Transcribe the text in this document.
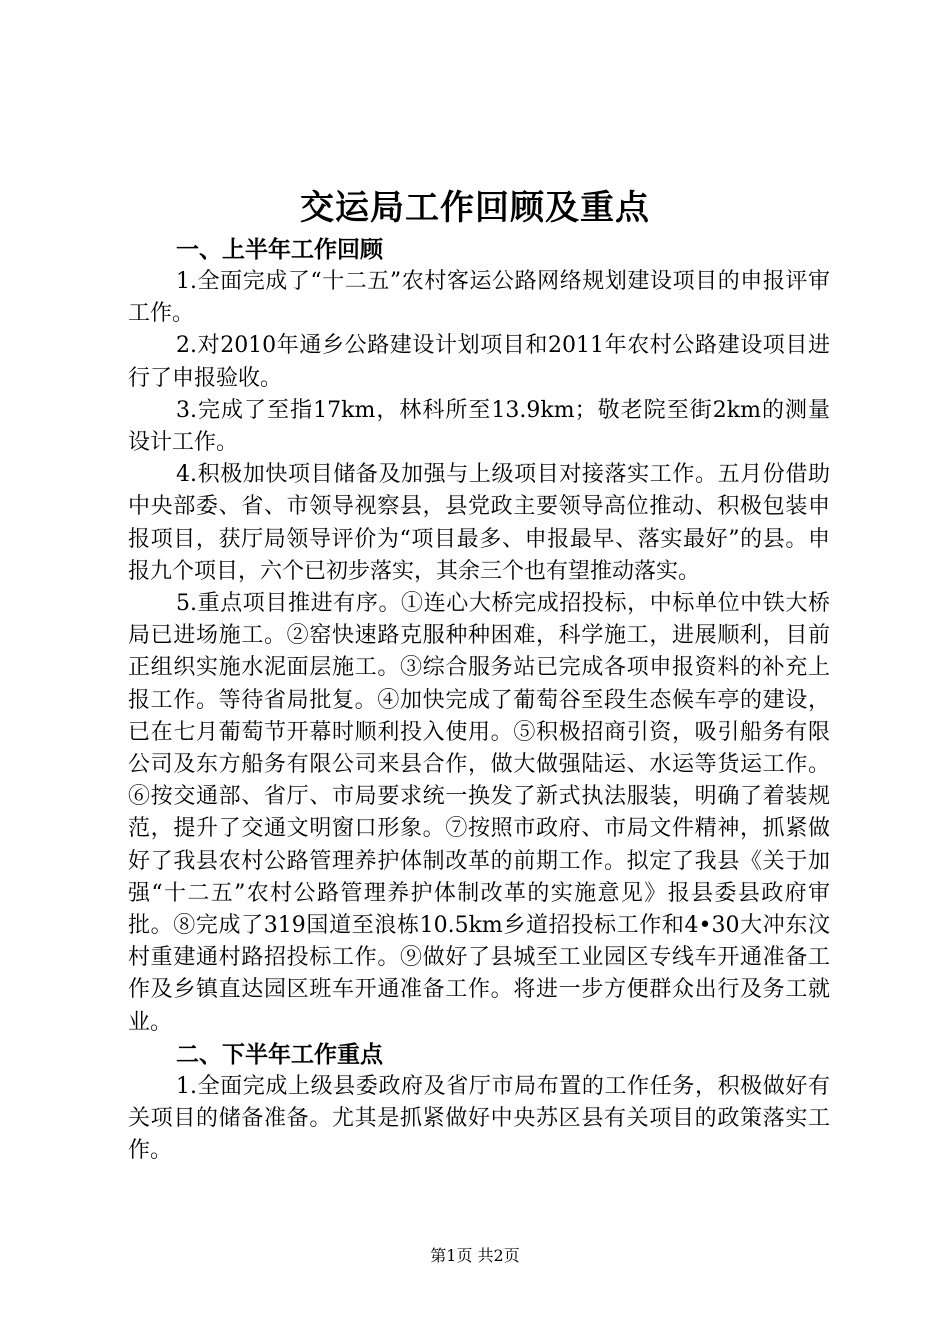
交运局工作回顾及重点
一、上半年工作回顾

1.全面完成了“十二五”农村客运公路网络规划建设项目的申报评审工作。

2.对2010年通乡公路建设计划项目和2011年农村公路建设项目进行了申报验收。

3.完成了至指17km，林科所至13.9km；敬老院至街2km的测量设计工作。

4.积极加快项目储备及加强与上级项目对接落实工作。五月份借助中央部委、省、市领导视察县，县党政主要领导高位推动、积极包装申报项目，获厅局领导评价为“项目最多、申报最早、落实最好”的县。申报九个项目，六个已初步落实，其余三个也有望推动落实。

5.重点项目推进有序。①连心大桥完成招投标，中标单位中铁大桥局已进场施工。②窑快速路克服种种困难，科学施工，进展顺利，目前正组织实施水泥面层施工。③综合服务站已完成各项申报资料的补充上报工作。等待省局批复。④加快完成了葡萄谷至段生态候车亭的建设，已在七月葡萄节开幕时顺利投入使用。⑤积极招商引资，吸引船务有限公司及东方船务有限公司来县合作，做大做强陆运、水运等货运工作。⑥按交通部、省厅、市局要求统一换发了新式执法服装，明确了着装规范，提升了交通文明窗口形象。⑦按照市政府、市局文件精神，抓紧做好了我县农村公路管理养护体制改革的前期工作。拟定了我县《关于加强“十二五”农村公路管理养护体制改革的实施意见》报县委县政府审批。⑧完成了319国道至浪栋10.5km乡道招投标工作和4•30大冲东汶村重建通村路招投标工作。⑨做好了县城至工业园区专线车开通准备工作及乡镇直达园区班车开通准备工作。将进一步方便群众出行及务工就业。

二、下半年工作重点

1.全面完成上级县委政府及省厅市局布置的工作任务，积极做好有关项目的储备准备。尤其是抓紧做好中央苏区县有关项目的政策落实工作。

第1页 共2页
